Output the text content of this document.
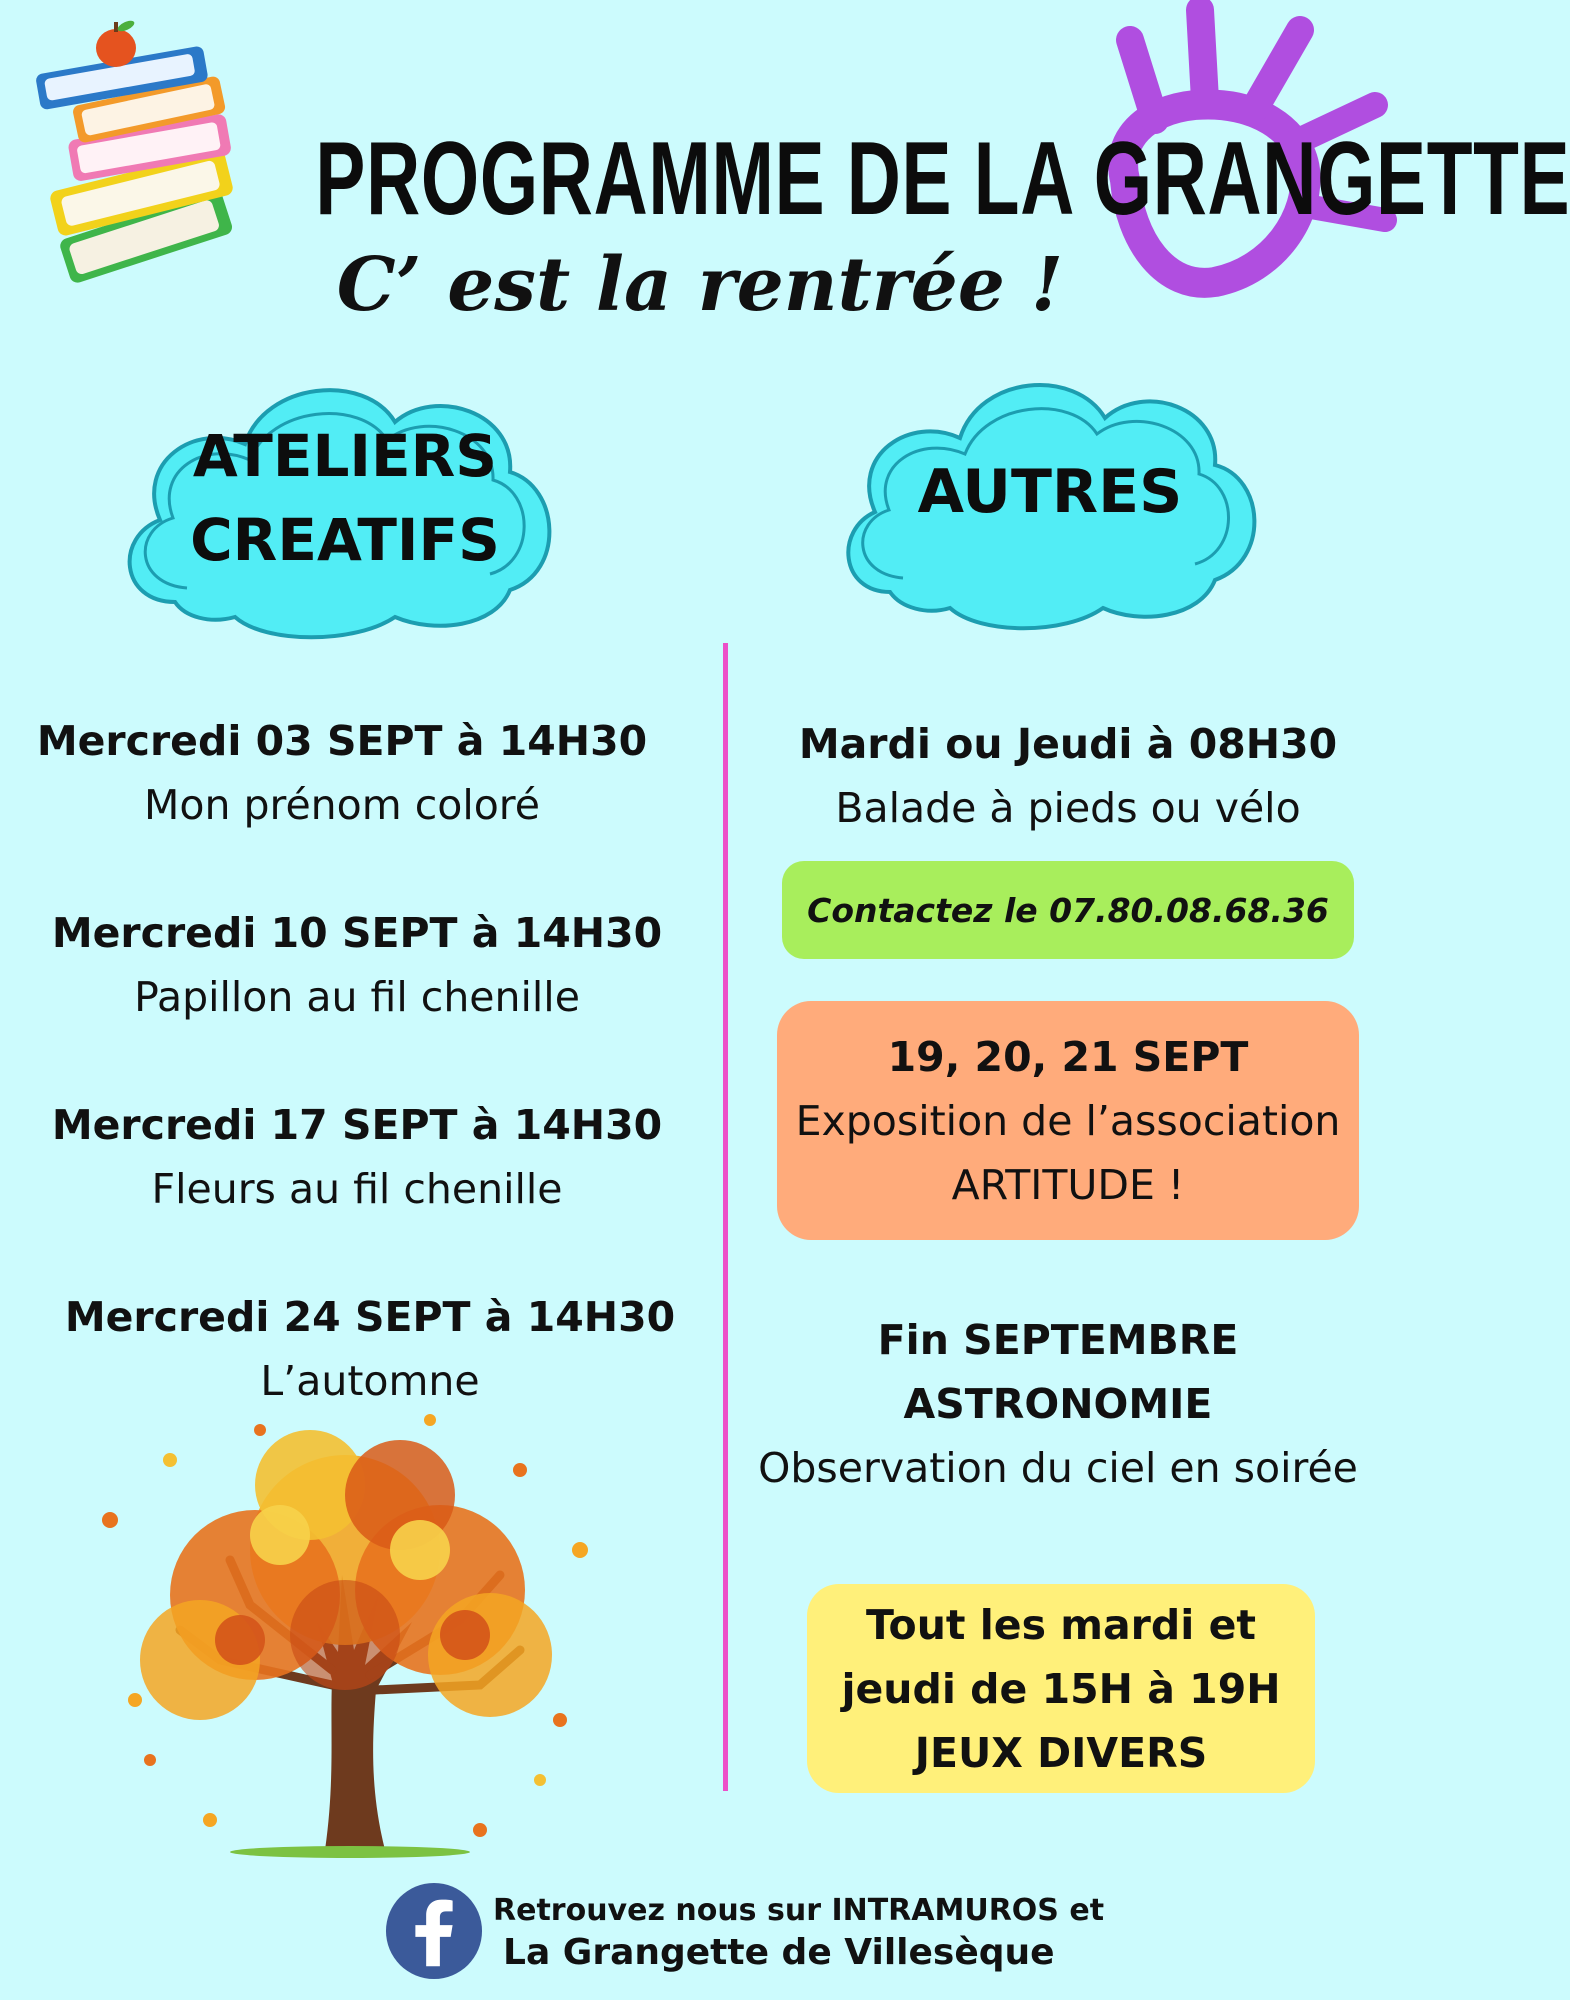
PROGRAMME DE LA GRANGETTE
C’ est la rentrée !
ATELIERS
CREATIFS
AUTRES
Mercredi 03 SEPT à 14H30
Mon prénom coloré
Mercredi 10 SEPT à 14H30
Papillon au fil chenille
Mercredi 17 SEPT à 14H30
Fleurs au fil chenille
Mercredi 24 SEPT à 14H30
L’automne
Mardi ou Jeudi à 08H30
Balade à pieds ou vélo
Contactez le 07.80.08.68.36
19, 20, 21 SEPT
Exposition de l’association
ARTITUDE !
Fin SEPTEMBRE
ASTRONOMIE
Observation du ciel en soirée
Tout les mardi et
jeudi de 15H à 19H
JEUX DIVERS
Retrouvez nous sur INTRAMUROS et
La Grangette de Villesèque
